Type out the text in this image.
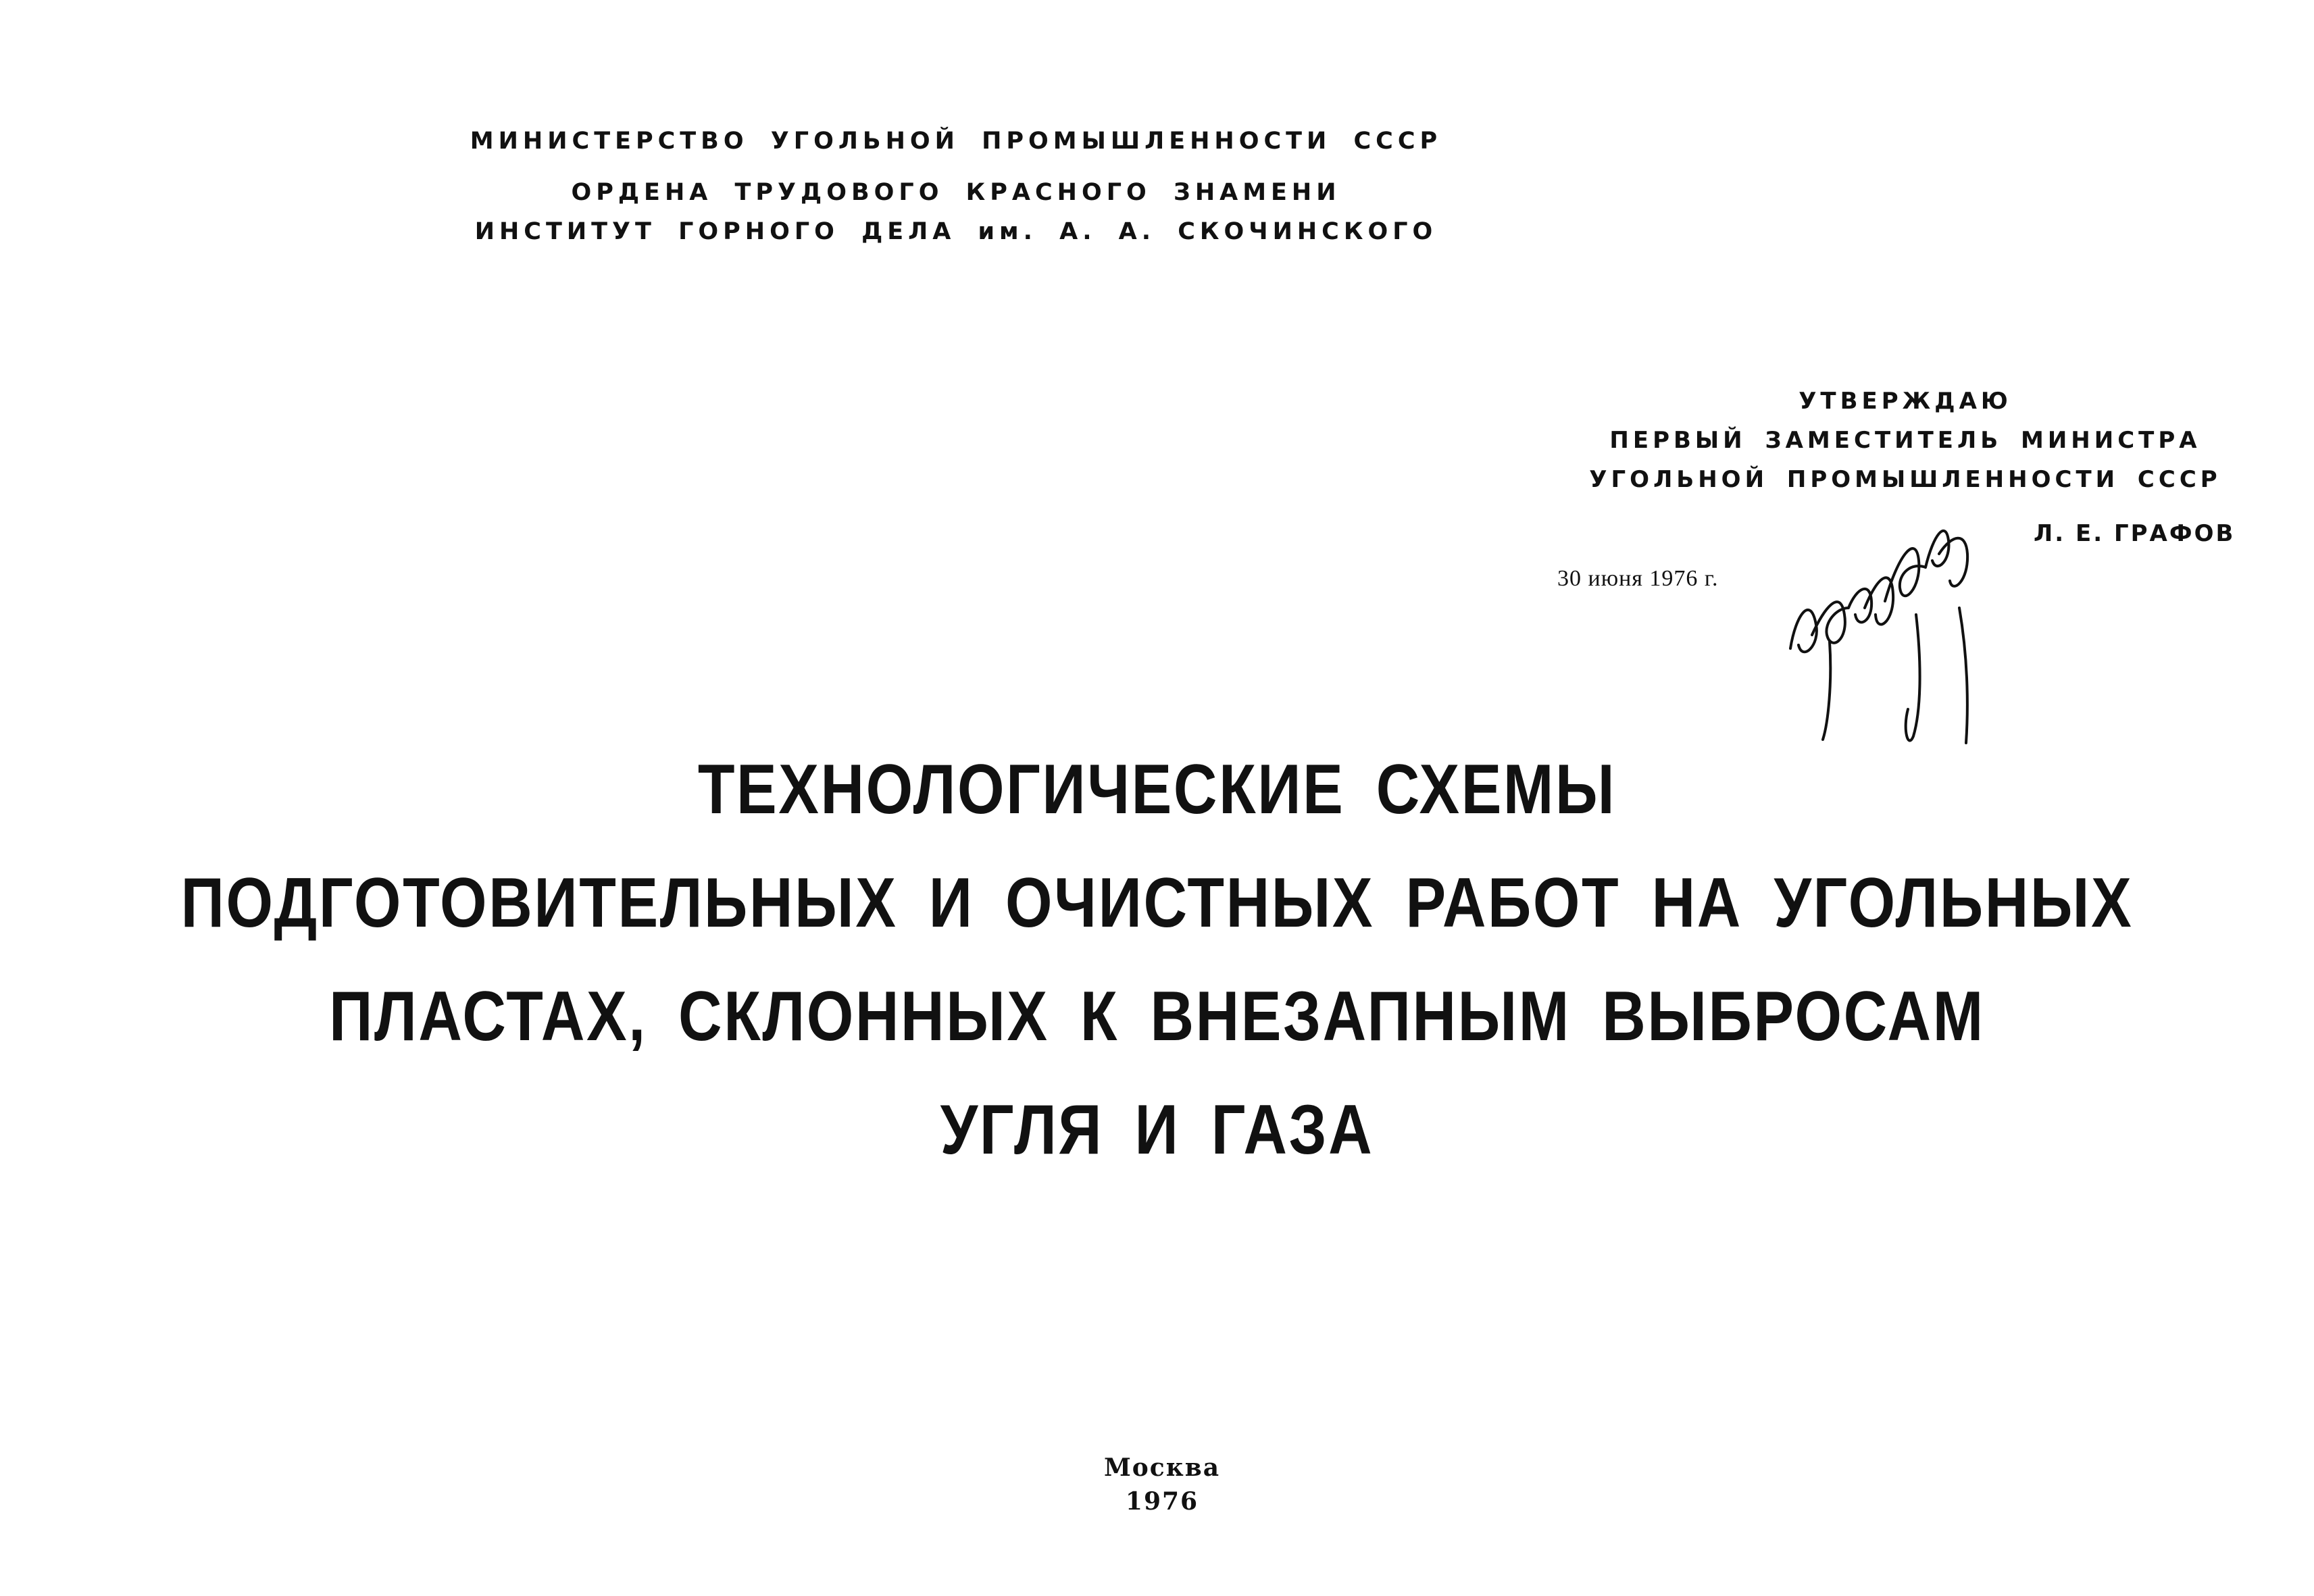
МИНИСТЕРСТВО УГОЛЬНОЙ ПРОМЫШЛЕННОСТИ СССР
ОРДЕНА ТРУДОВОГО КРАСНОГО ЗНАМЕНИ
ИНСТИТУТ ГОРНОГО ДЕЛА им. А. А. СКОЧИНСКОГО
УТВЕРЖДАЮ
ПЕРВЫЙ ЗАМЕСТИТЕЛЬ МИНИСТРА
УГОЛЬНОЙ ПРОМЫШЛЕННОСТИ СССР
Л. Е. ГРАФОВ
30 июня 1976 г.
ТЕХНОЛОГИЧЕСКИЕ СХЕМЫ
ПОДГОТОВИТЕЛЬНЫХ И ОЧИСТНЫХ РАБОТ НА УГОЛЬНЫХ
ПЛАСТАХ, СКЛОННЫХ К ВНЕЗАПНЫМ ВЫБРОСАМ
УГЛЯ И ГАЗА
Москва
1976
